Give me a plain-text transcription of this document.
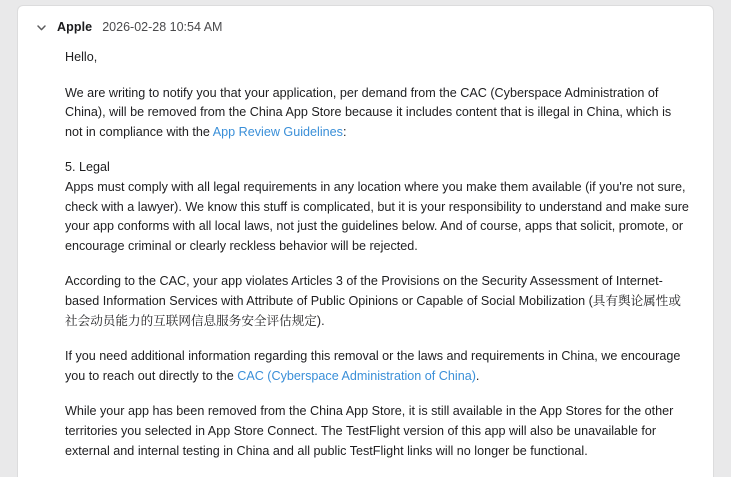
Apple 2026-02-28 10:54 AM

Hello,

We are writing to notify you that your application, per demand from the CAC (Cyberspace Administration of China), will be removed from the China App Store because it includes content that is illegal in China, which is not in compliance with the App Review Guidelines:

5. Legal

Apps must comply with all legal requirements in any location where you make them available (if you're not sure, check with a lawyer). We know this stuff is complicated, but it is your responsibility to understand and make sure your app conforms with all local laws, not just the guidelines below. And of course, apps that solicit, promote, or encourage criminal or clearly reckless behavior will be rejected.

According to the CAC, your app violates Articles 3 of the Provisions on the Security Assessment of Internet-based Information Services with Attribute of Public Opinions or Capable of Social Mobilization (具有舆论属性或社会动员能力的互联网信息服务安全评估规定).

If you need additional information regarding this removal or the laws and requirements in China, we encourage you to reach out directly to the CAC (Cyberspace Administration of China).

While your app has been removed from the China App Store, it is still available in the App Stores for the other territories you selected in App Store Connect. The TestFlight version of this app will also be unavailable for external and internal testing in China and all public TestFlight links will no longer be functional.
